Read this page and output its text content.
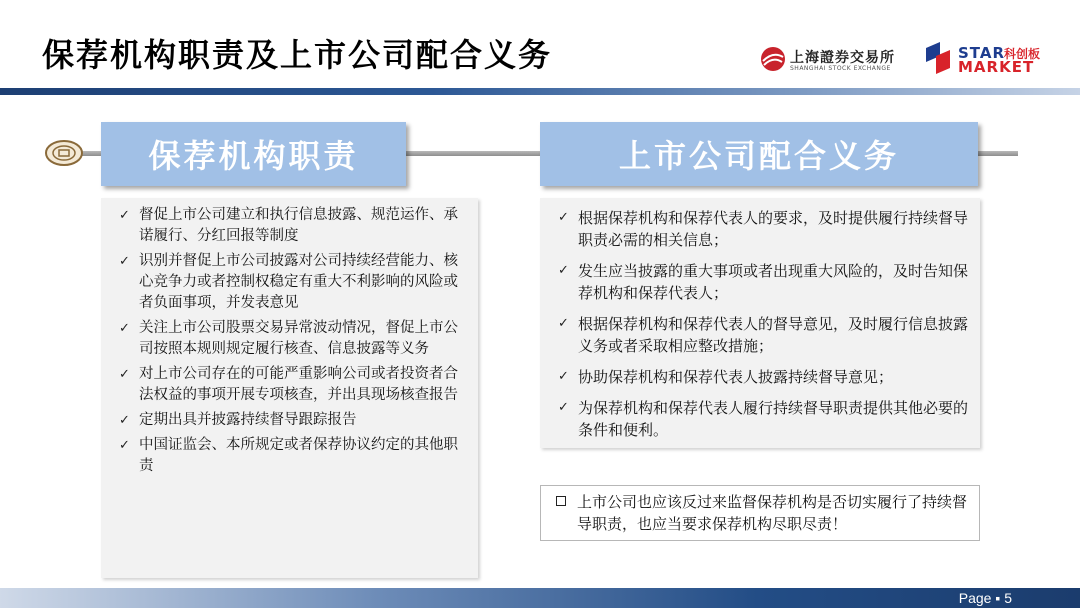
保荐机构职责及上市公司配合义务	上海證券交易所
SHANGHAI STOCK EXCHANGE
STAR
科创板
MARKET
保荐机构职责	上市公司配合义务
✓ 督促上市公司建立和执行信息披露、规范运作、承诺履行、分红回报等制度
✓ 识别并督促上市公司披露对公司持续经营能力、核心竞争力或者控制权稳定有重大不利影响的风险或者负面事项，并发表意见
✓ 关注上市公司股票交易异常波动情况，督促上市公司按照本规则规定履行核查、信息披露等义务
✓ 对上市公司存在的可能严重影响公司或者投资者合法权益的事项开展专项核查，并出具现场核查报告
✓ 定期出具并披露持续督导跟踪报告
✓ 中国证监会、本所规定或者保荐协议约定的其他职责
✓ 根据保荐机构和保荐代表人的要求，及时提供履行持续督导职责必需的相关信息；
✓ 发生应当披露的重大事项或者出现重大风险的，及时告知保荐机构和保荐代表人；
✓ 根据保荐机构和保荐代表人的督导意见，及时履行信息披露义务或者采取相应整改措施；
✓ 协助保荐机构和保荐代表人披露持续督导意见；
✓ 为保荐机构和保荐代表人履行持续督导职责提供其他必要的条件和便利。
上市公司也应该反过来监督保荐机构是否切实履行了持续督导职责，也应当要求保荐机构尽职尽责！
Page ▪ 5
